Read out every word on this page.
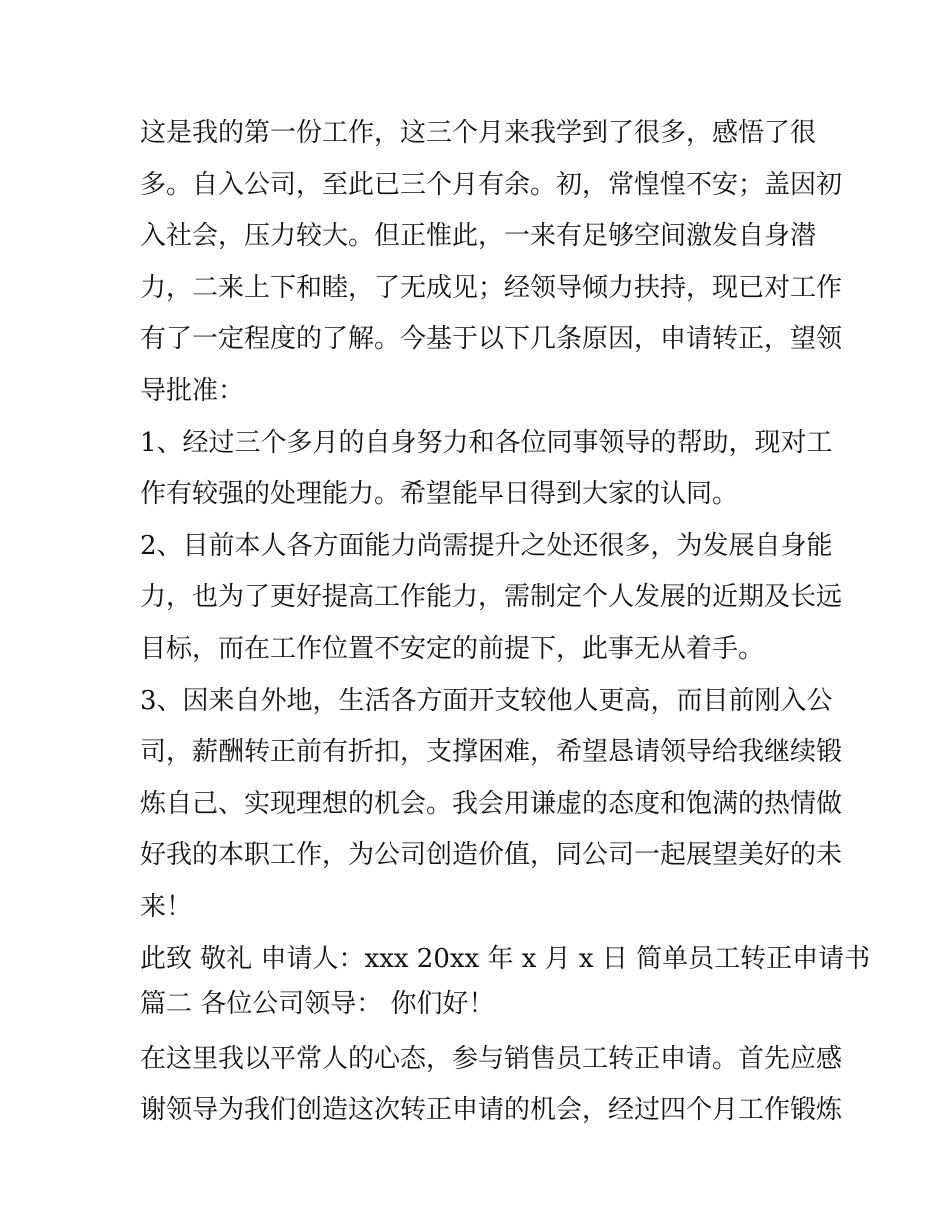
这是我的第一份工作，这三个月来我学到了很多，感悟了很
多。自入公司，至此已三个月有余。初，常惶惶不安；盖因初
入社会，压力较大。但正惟此，一来有足够空间激发自身潜
力，二来上下和睦，了无成见；经领导倾力扶持，现已对工作
有了一定程度的了解。今基于以下几条原因，申请转正，望领
导批准：
1、经过三个多月的自身努力和各位同事领导的帮助，现对工
作有较强的处理能力。希望能早日得到大家的认同。
2、目前本人各方面能力尚需提升之处还很多，为发展自身能
力，也为了更好提高工作能力，需制定个人发展的近期及长远
目标，而在工作位置不安定的前提下，此事无从着手。
3、因来自外地，生活各方面开支较他人更高，而目前刚入公
司，薪酬转正前有折扣，支撑困难，希望恳请领导给我继续锻
炼自己、实现理想的机会。我会用谦虚的态度和饱满的热情做
好我的本职工作，为公司创造价值，同公司一起展望美好的未
来！
此致 敬礼 申请人：xxx 20xx 年 x 月 x 日 简单员工转正申请书
篇二 各位公司领导： 你们好！
在这里我以平常人的心态，参与销售员工转正申请。首先应感
谢领导为我们创造这次转正申请的机会，经过四个月工作锻炼
